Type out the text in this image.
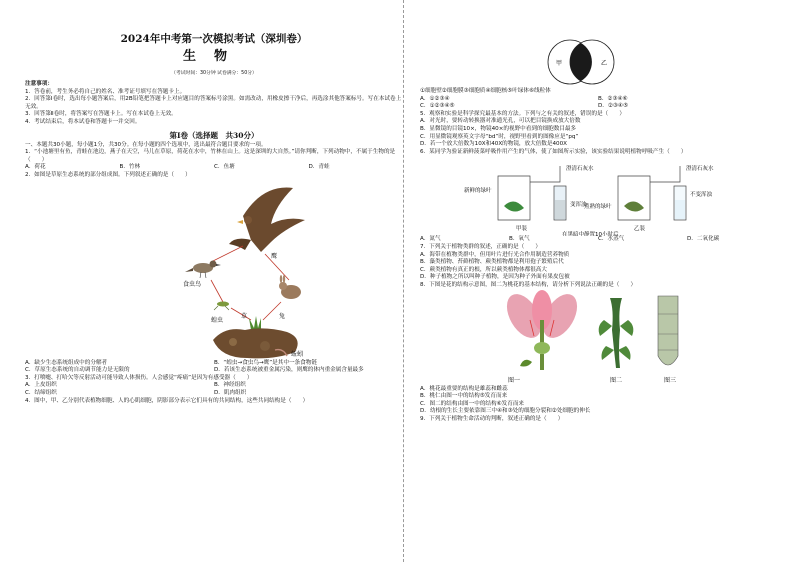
2024年中考第一次模拟考试（深圳卷）
生物
（考试时间：30分钟 试卷满分：50分）
注意事项：
1．答卷前，考生务必将自己的姓名、准考证号填写在答题卡上。
2．回答第Ⅰ卷时，选出每小题答案后，用2B铅笔把答题卡上对应题目的答案标号涂黑。如需改动，用橡皮擦干净后，再选涂其他答案标号。写在本试卷上无效。
3．回答第Ⅱ卷时，将答案写在答题卡上。写在本试卷上无效。
4．考试结束后，将本试卷和答题卡一并交回。
第Ⅰ卷（选择题　共30分）
一、本题共30小题，每小题1分，共30分。在每小题的四个选项中，选出最符合题目要求的一项。
1．“小池塘里有鱼，青蛙在池边，燕子在天空，马儿在草原，荷花在水中，竹林在山上。这是深圳的大自然。”请你判断，下列动物中，不属于生物的是（　　）
A．荷花	B．竹林	C．鱼塘	D．青蛙
2．如图是草原生态系统的部分组成图。下列叙述正确的是（　　）
鹰
食虫鸟
蝗虫
兔
草
蚯蚓
A．缺少生态系统组成中的分解者	B．“蝗虫→食虫鸟→鹰”是其中一条食物链
C．草原生态系统的自动调节能力是无限的	D．若该生态系统被重金属污染，则鹰的体内重金属含量最多
3．打喷嚏、打哈欠等反射活动可能导致人体损伤。人会感觉“疼痛”是因为有感受器（　　）
A．上皮组织	B．神经组织
C．结缔组织	D．肌肉组织
4．图中，甲、乙分别代表植物细胞、人的心肌细胞，阴影部分表示它们具有的共同结构，这些共同结构是（　　）
甲	乙
①细胞壁②细胞膜③细胞质④细胞核⑤叶绿体⑥线粒体
A．①②③④	B．②③④⑥
C．①②③④⑤	D．②③④⑤
5．观察和实验是科学探究最基本的方法。下列与之有关的叙述，错误的是（　　）
A．对光时，要转动转换器对准通光孔，可以把目镜换成放大倍数
B．显微镜的目镜10×，物镜40×的视野中看到的细胞数目最多
C．用显微镜观察英文字母“bd”时，视野里看到的图像应是“pq”
D．若一个放大倍数为10X和40X的物镜，放大倍数是400X
6．某同学为验证新鲜菠菜呼吸作用产生的气体，使了如图所示实验，该实验结果说明植物呼吸产生（　　）
新鲜的绿叶
澄清石灰水
变浑浊
甲装
煮熟的绿叶
澄清石灰水
不变浑浊
乙装
在黑暗中静置10小时后
A．氮气	B．氧气	C．水蒸气	D．二氧化碳
7．下列关于植物类群的叙述，正确的是（　　）
A．海带在植物类群中，但用叶片进行光合作用制造营养物质
B．藻类植物、苔藓植物、蕨类植物都是利用孢子繁殖后代
C．蕨类植物有真正的根，所以蕨类植物体都很高大
D．种子植物之所以叫种子植物，是因为种子外面有果皮包被
8．下图是花的结构示意图，图二为桃花的基本结构，请分析下列说法正确的是（　　）
图一	图二	图三
A．桃花最重要的结构是雄蕊和雌蕊
B．桃仁由图一中的结构⑤发育而来
C．图二的结构由图一中的结构⑥发育而来
D．幼根的生长主要依靠图三中④和③处的细胞分裂和②处细胞的伸长
9．下列关于植物生命活动的判断，叙述正确的是（　　）
